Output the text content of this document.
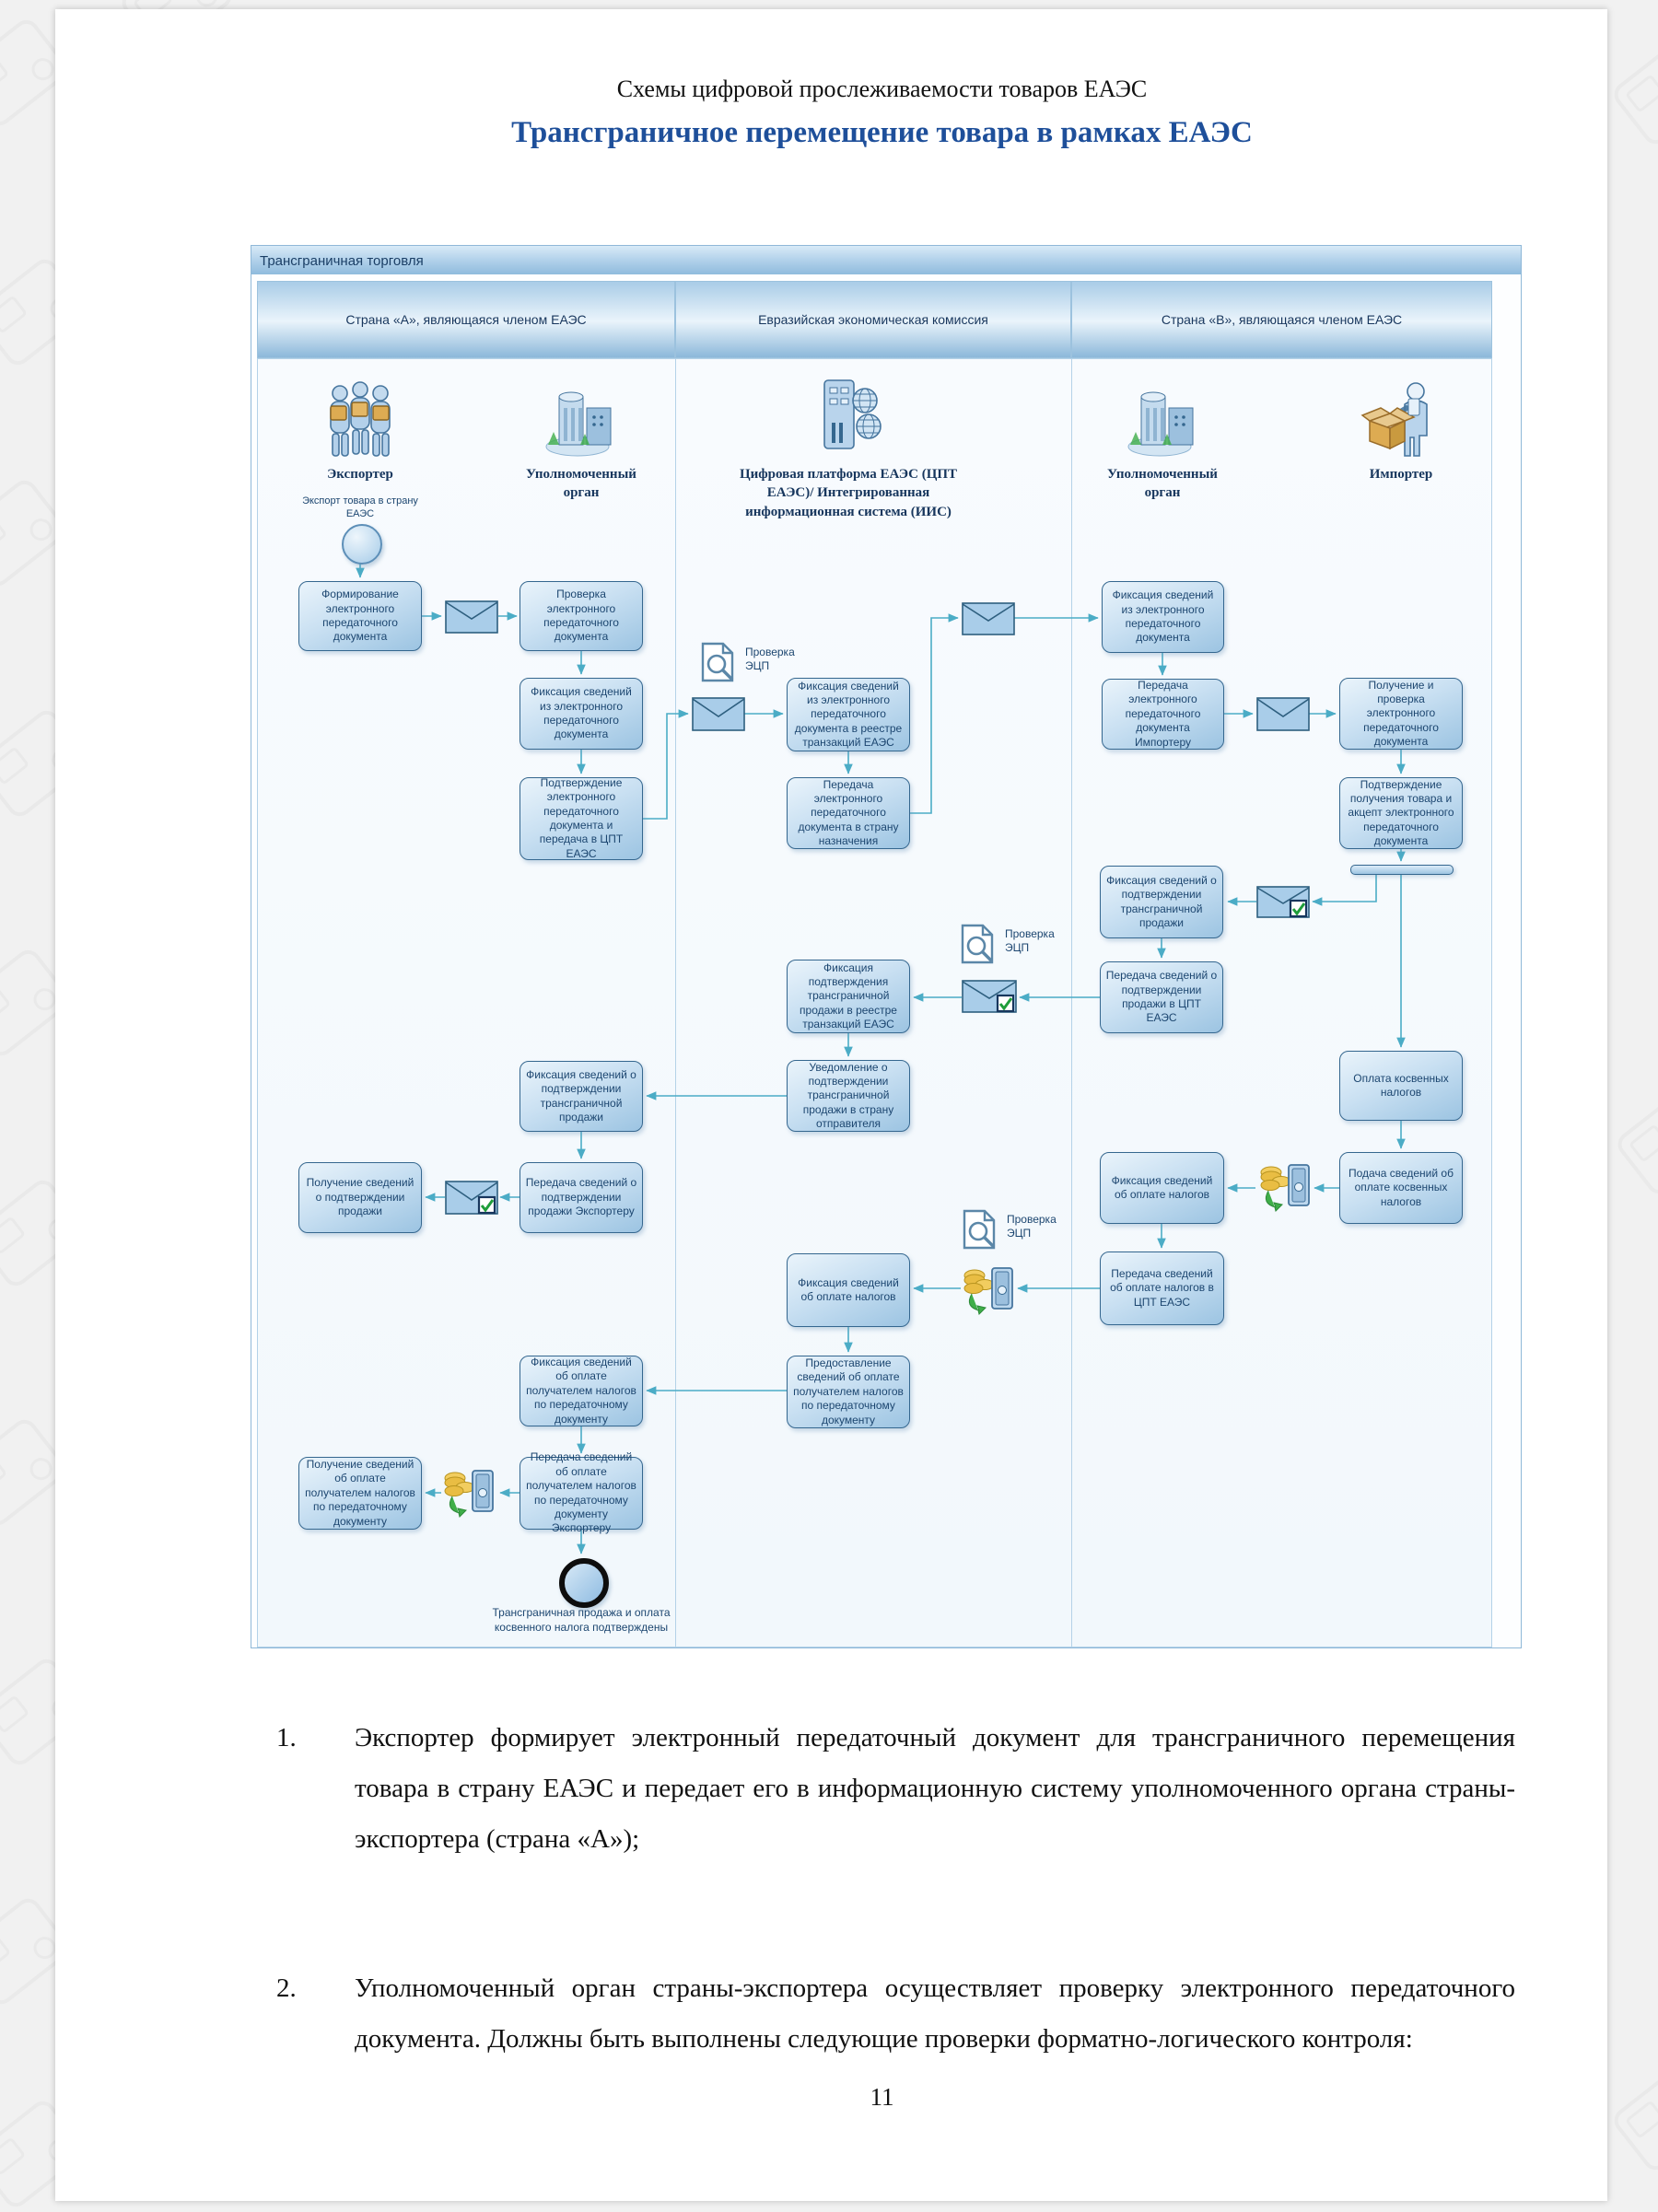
Схемы цифровой прослеживаемости товаров ЕАЭС
Трансграничное перемещение товара в рамках ЕАЭС
Трансграничная торговля
Страна «А», являющаяся членом ЕАЭС	Евразийская экономическая комиссия	Страна «В», являющаяся членом ЕАЭС
Экспортер
Экспорт товара в страну ЕАЭС
Уполномоченный орган
Цифровая платформа ЕАЭС (ЦПТ ЕАЭС)/ Интегрированная информационная система (ИИС)
Уполномоченный орган
Импортер
Формирование электронного передаточного документа
Проверка электронного передаточного документа
Фиксация сведений из электронного передаточного документа
Подтверждение электронного передаточного документа и передача в ЦПТ ЕАЭС
Фиксация сведений из электронного передаточного документа в реестре транзакций ЕАЭС
Передача электронного передаточного документа в страну назначения
Фиксация сведений из электронного передаточного документа
Передача электронного передаточного документа Импортеру
Получение и проверка электронного передаточного документа
Подтверждение получения товара и акцепт электронного передаточного документа
Фиксация сведений о подтверждении трансграничной продажи
Передача сведений о подтверждении продажи в ЦПТ ЕАЭС
Оплата косвенных налогов
Фиксация подтверждения трансграничной продажи в реестре транзакций ЕАЭС
Уведомление о подтверждении трансграничной продажи в страну отправителя
Фиксация сведений о подтверждении трансграничной продажи
Передача сведений о подтверждении продажи Экспортеру
Получение сведений о подтверждении продажи
Подача сведений об оплате косвенных налогов
Фиксация сведений об оплате налогов
Передача сведений об оплате налогов в ЦПТ ЕАЭС
Фиксация сведений об оплате налогов
Предоставление сведений об оплате получателем налогов по передаточному документу
Фиксация сведений об оплате получателем налогов по передаточному документу
Передача сведений об оплате получателем налогов по передаточному документу Экспортеру
Получение сведений об оплате получателем налогов по передаточному документу
Проверка ЭЦП
Проверка ЭЦП
Проверка ЭЦП
Трансграничная продажа и оплата косвенного налога подтверждены
1. Экспортер формирует электронный передаточный документ для трансграничного перемещения товара в страну ЕАЭС и передает его в информационную систему уполномоченного органа страны-экспортера (страна «А»);
2. Уполномоченный орган страны-экспортера осуществляет проверку электронного передаточного документа. Должны быть выполнены следующие проверки форматно-логического контроля:
11
